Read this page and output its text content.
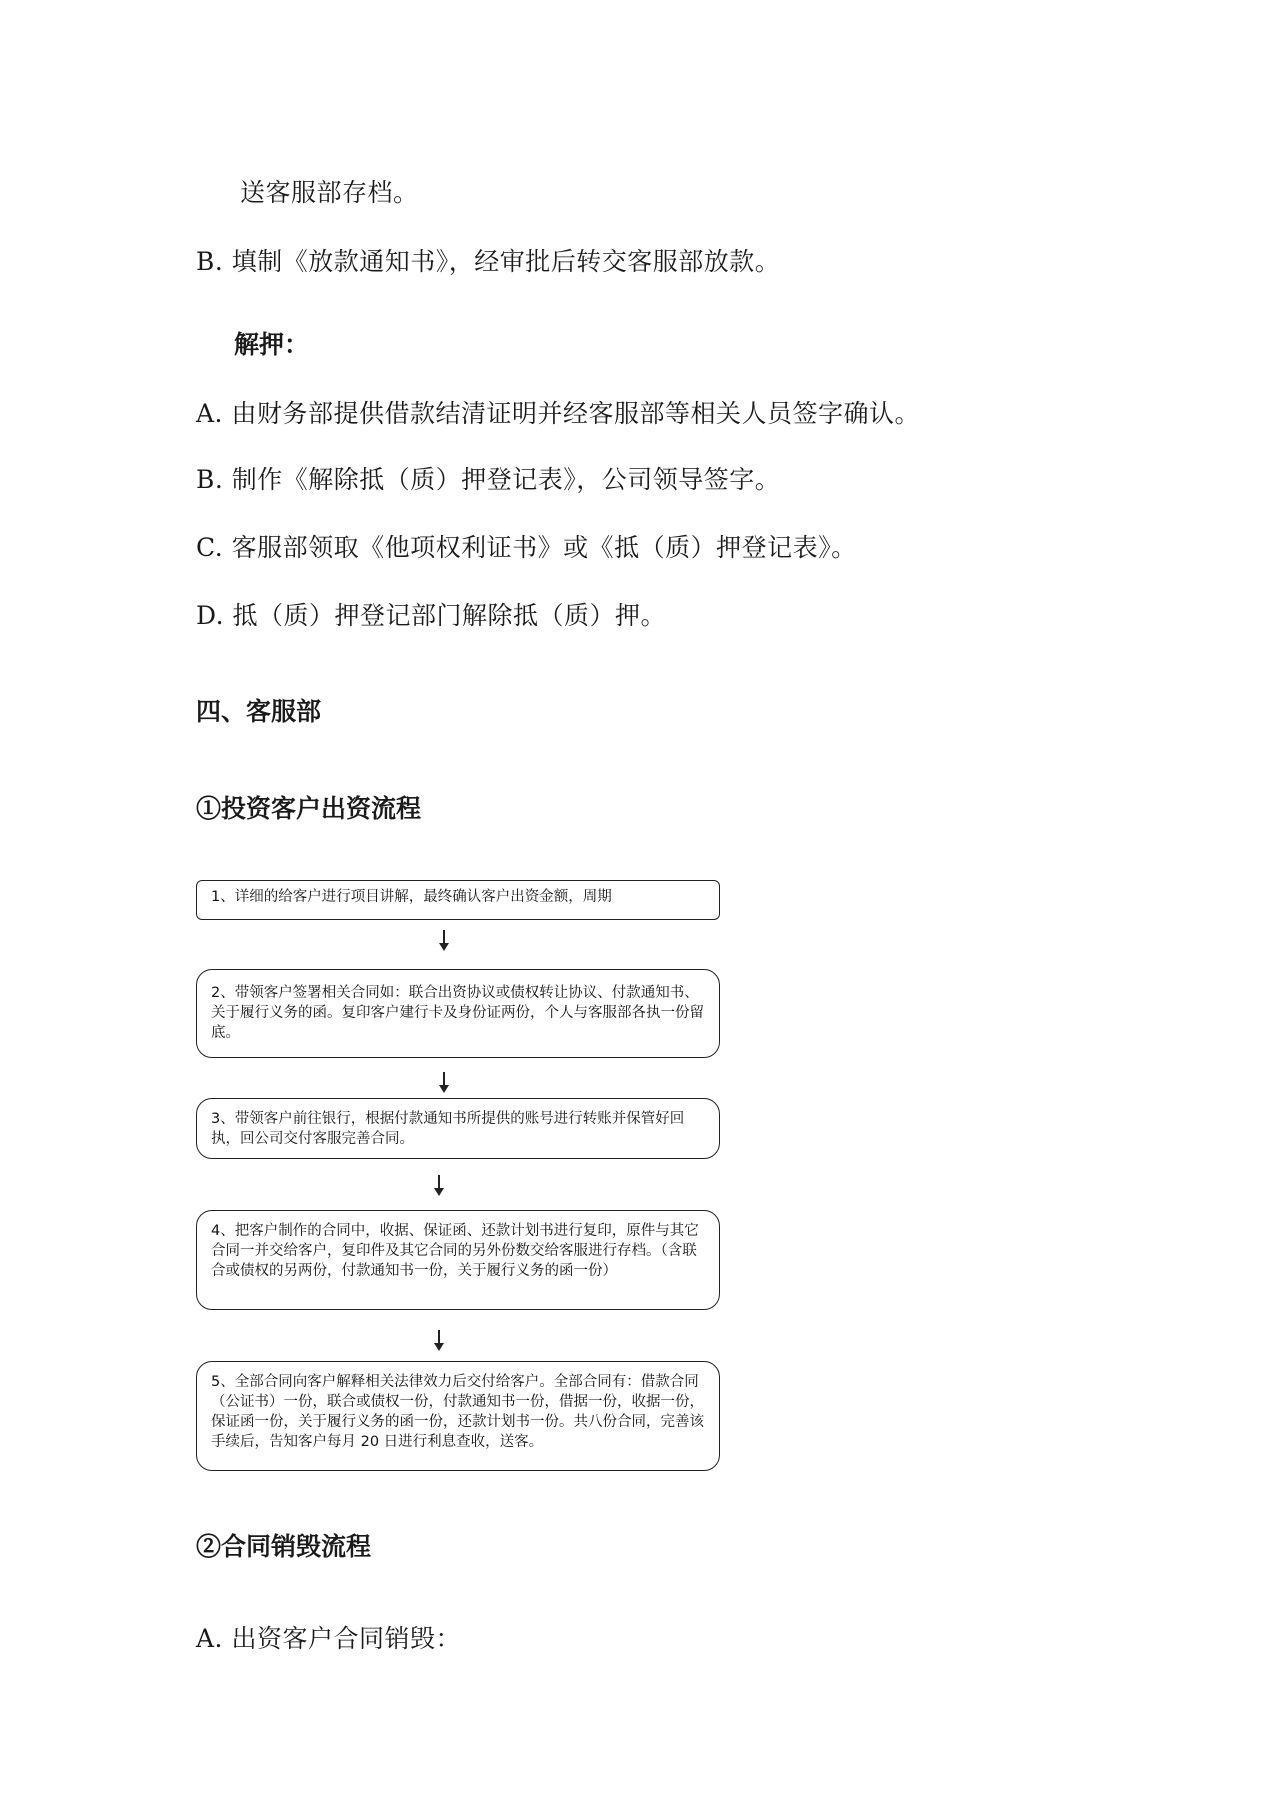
送客服部存档。
B. 填制《放款通知书》，经审批后转交客服部放款。
解押：
A. 由财务部提供借款结清证明并经客服部等相关人员签字确认。
B. 制作《解除抵（质）押登记表》，公司领导签字。
C. 客服部领取《他项权利证书》或《抵（质）押登记表》。
D. 抵（质）押登记部门解除抵（质）押。
四、客服部
①投资客户出资流程
1、详细的给客户进行项目讲解，最终确认客户出资金额，周期
2、带领客户签署相关合同如：联合出资协议或债权转让协议、付款通知书、关于履行义务的函。复印客户建行卡及身份证两份，个人与客服部各执一份留底。
3、带领客户前往银行，根据付款通知书所提供的账号进行转账并保管好回执，回公司交付客服完善合同。
4、把客户制作的合同中，收据、保证函、还款计划书进行复印，原件与其它合同一并交给客户，复印件及其它合同的另外份数交给客服进行存档。（含联合或债权的另两份，付款通知书一份，关于履行义务的函一份）
5、全部合同向客户解释相关法律效力后交付给客户。全部合同有：借款合同（公证书）一份，联合或债权一份，付款通知书一份，借据一份，收据一份，保证函一份，关于履行义务的函一份，还款计划书一份。共八份合同，完善该手续后，告知客户每月 20 日进行利息查收，送客。
②合同销毁流程
A. 出资客户合同销毁：
